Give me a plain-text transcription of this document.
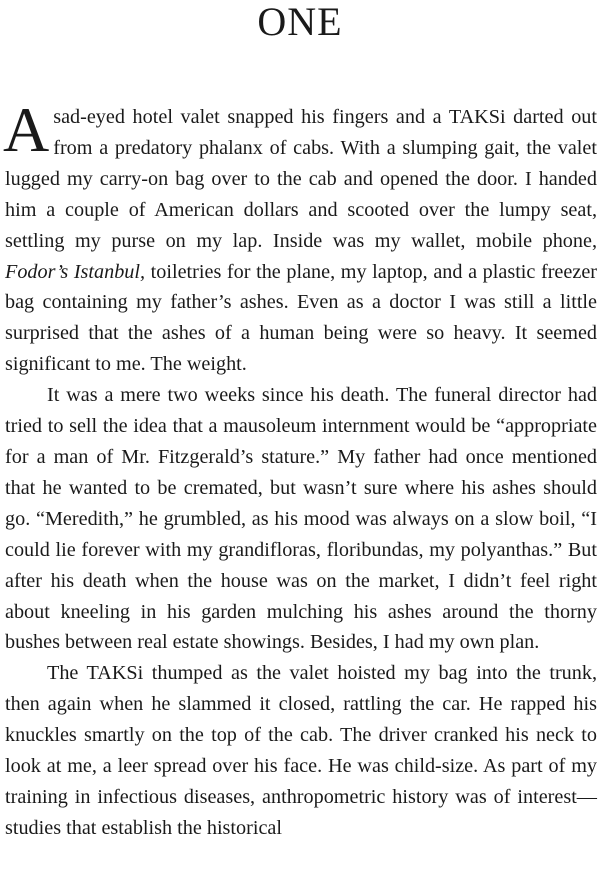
ONE

Asad-eyed hotel valet snapped his fingers and a TAKSi darted out from a predatory phalanx of cabs. With a slumping gait, the valet lugged my carry-on bag over to the cab and opened the door. I handed him a couple of American dollars and scooted over the lumpy seat, settling my purse on my lap. Inside was my wallet, mobile phone, Fodor’s Istanbul, toiletries for the plane, my laptop, and a plastic freezer bag containing my father’s ashes. Even as a doctor I was still a little surprised that the ashes of a human being were so heavy. It seemed significant to me. The weight.

It was a mere two weeks since his death. The funeral director had tried to sell the idea that a mausoleum internment would be “appropriate for a man of Mr. Fitzgerald’s stature.” My father had once mentioned that he wanted to be cremated, but wasn’t sure where his ashes should go. “Meredith,” he grumbled, as his mood was always on a slow boil, “I could lie forever with my grandifloras, floribundas, my polyanthas.” But after his death when the house was on the market, I didn’t feel right about kneeling in his garden mulching his ashes around the thorny bushes between real estate showings. Besides, I had my own plan.

The TAKSi thumped as the valet hoisted my bag into the trunk, then again when he slammed it closed, rattling the car. He rapped his knuckles smartly on the top of the cab. The driver cranked his neck to look at me, a leer spread over his face. He was child-size. As part of my training in infectious diseases, anthropometric history was of interest—studies that establish the historical
